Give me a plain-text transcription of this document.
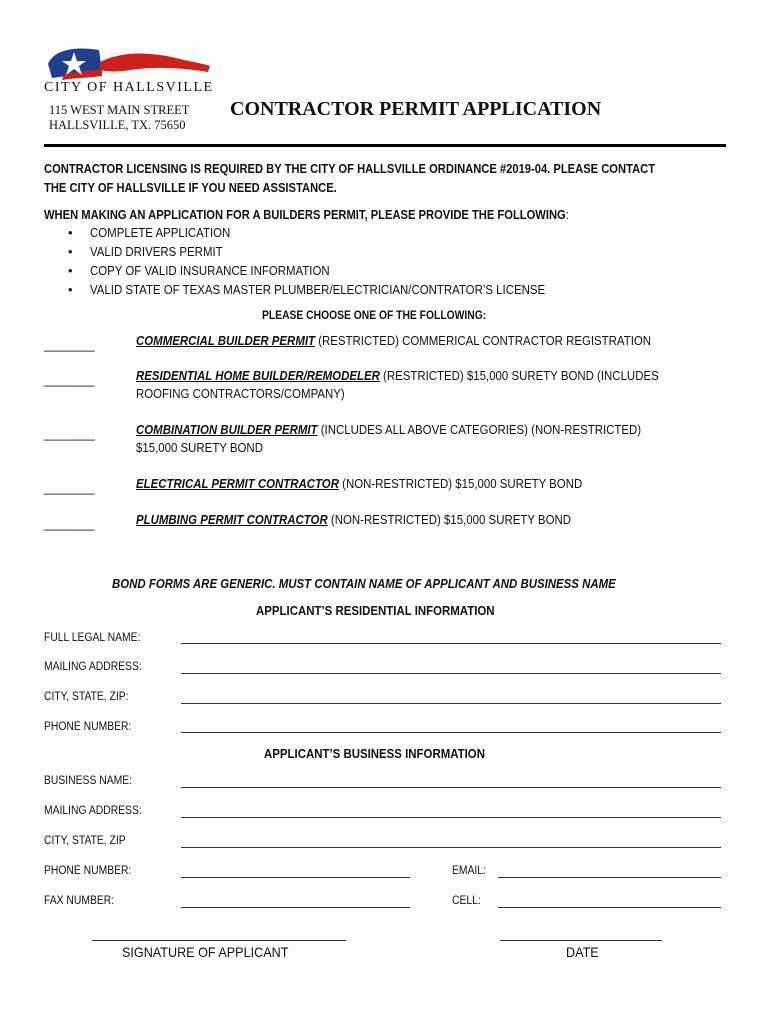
CITY OF HALLSVILLE
115 WEST MAIN STREET
HALLSVILLE, TX. 75650
CONTRACTOR PERMIT APPLICATION
CONTRACTOR LICENSING IS REQUIRED BY THE CITY OF HALLSVILLE ORDINANCE #2019-04. PLEASE CONTACT
THE CITY OF HALLSVILLE IF YOU NEED ASSISTANCE.
WHEN MAKING AN APPLICATION FOR A BUILDERS PERMIT, PLEASE PROVIDE THE FOLLOWING:
• COMPLETE APPLICATION
• VALID DRIVERS PERMIT
• COPY OF VALID INSURANCE INFORMATION
• VALID STATE OF TEXAS MASTER PLUMBER/ELECTRICIAN/CONTRATOR’S LICENSE
PLEASE CHOOSE ONE OF THE FOLLOWING:
_______	COMMERCIAL BUILDER PERMIT (RESTRICTED) COMMERICAL CONTRACTOR REGISTRATION
_______	RESIDENTIAL HOME BUILDER/REMODELER (RESTRICTED) $15,000 SURETY BOND (INCLUDES
ROOFING CONTRACTORS/COMPANY)
_______	COMBINATION BUILDER PERMIT (INCLUDES ALL ABOVE CATEGORIES) (NON-RESTRICTED)
$15,000 SURETY BOND
_______	ELECTRICAL PERMIT CONTRACTOR (NON-RESTRICTED) $15,000 SURETY BOND
_______	PLUMBING PERMIT CONTRACTOR (NON-RESTRICTED) $15,000 SURETY BOND
BOND FORMS ARE GENERIC. MUST CONTAIN NAME OF APPLICANT AND BUSINESS NAME
APPLICANT’S RESIDENTIAL INFORMATION
FULL LEGAL NAME:
MAILING ADDRESS:
CITY, STATE, ZIP:
PHONE NUMBER:
APPLICANT’S BUSINESS INFORMATION
BUSINESS NAME:
MAILING ADDRESS:
CITY, STATE, ZIP
PHONE NUMBER:	EMAIL:
FAX NUMBER:	CELL:
SIGNATURE OF APPLICANT	DATE
